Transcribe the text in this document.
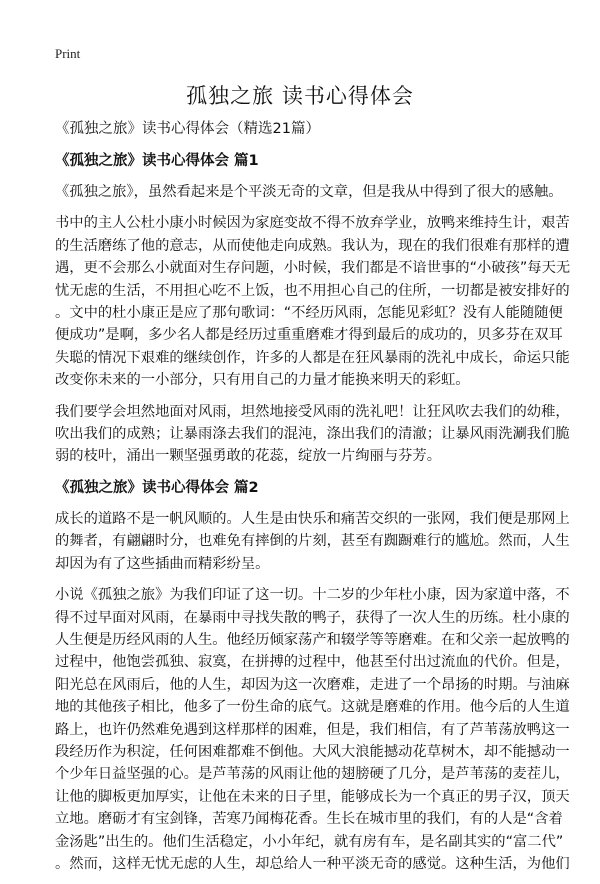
Print
孤独之旅 读书心得体会
《孤独之旅》读书心得体会（精选21篇）
《孤独之旅》读书心得体会 篇1
《孤独之旅》，虽然看起来是个平淡无奇的文章，但是我从中得到了很大的感触。
书中的主人公杜小康小时候因为家庭变故不得不放弃学业，放鸭来维持生计，艰苦
的生活磨练了他的意志，从而使他走向成熟。我认为，现在的我们很难有那样的遭
遇，更不会那么小就面对生存问题，小时候，我们都是不谙世事的“小破孩”每天无
忧无虑的生活，不用担心吃不上饭，也不用担心自己的住所，一切都是被安排好的
。文中的杜小康正是应了那句歌词：“不经历风雨，怎能见彩虹？没有人能随随便
便成功”是啊，多少名人都是经历过重重磨难才得到最后的成功的，贝多芬在双耳
失聪的情况下艰难的继续创作，许多的人都是在狂风暴雨的洗礼中成长，命运只能
改变你未来的一小部分，只有用自己的力量才能换来明天的彩虹。
我们要学会坦然地面对风雨，坦然地接受风雨的洗礼吧！让狂风吹去我们的幼稚，
吹出我们的成熟；让暴雨涤去我们的混沌，涤出我们的清澈；让暴风雨洗涮我们脆
弱的枝叶，涌出一颗坚强勇敢的花蕊，绽放一片绚丽与芬芳。
《孤独之旅》读书心得体会 篇2
成长的道路不是一帆风顺的。人生是由快乐和痛苦交织的一张网，我们便是那网上
的舞者，有翩翩时分，也难免有摔倒的片刻，甚至有踟蹰难行的尴尬。然而，人生
却因为有了这些插曲而精彩纷呈。
小说《孤独之旅》为我们印证了这一切。十二岁的少年杜小康，因为家道中落，不
得不过早面对风雨，在暴雨中寻找失散的鸭子，获得了一次人生的历练。杜小康的
人生便是历经风雨的人生。他经历倾家荡产和辍学等等磨难。在和父亲一起放鸭的
过程中，他饱尝孤独、寂寞，在拼搏的过程中，他甚至付出过流血的代价。但是，
阳光总在风雨后，他的人生，却因为这一次磨难，走进了一个昂扬的时期。与油麻
地的其他孩子相比，他多了一份生命的底气。这就是磨难的作用。他今后的人生道
路上，也许仍然难免遇到这样那样的困难，但是，我们相信，有了芦苇荡放鸭这一
段经历作为积淀，任何困难都难不倒他。大风大浪能撼动花草树木，却不能撼动一
个少年日益坚强的心。是芦苇荡的风雨让他的翅膀硬了几分，是芦苇荡的麦茬儿，
让他的脚板更加厚实，让他在未来的日子里，能够成长为一个真正的男子汉，顶天
立地。磨砺才有宝剑锋，苦寒乃闻梅花香。生长在城市里的我们，有的人是“含着
金汤匙”出生的。他们生活稳定，小小年纪，就有房有车，是名副其实的“富二代”
。然而，这样无忧无虑的人生，却总给人一种平淡无奇的感觉。这种生活，为他们
